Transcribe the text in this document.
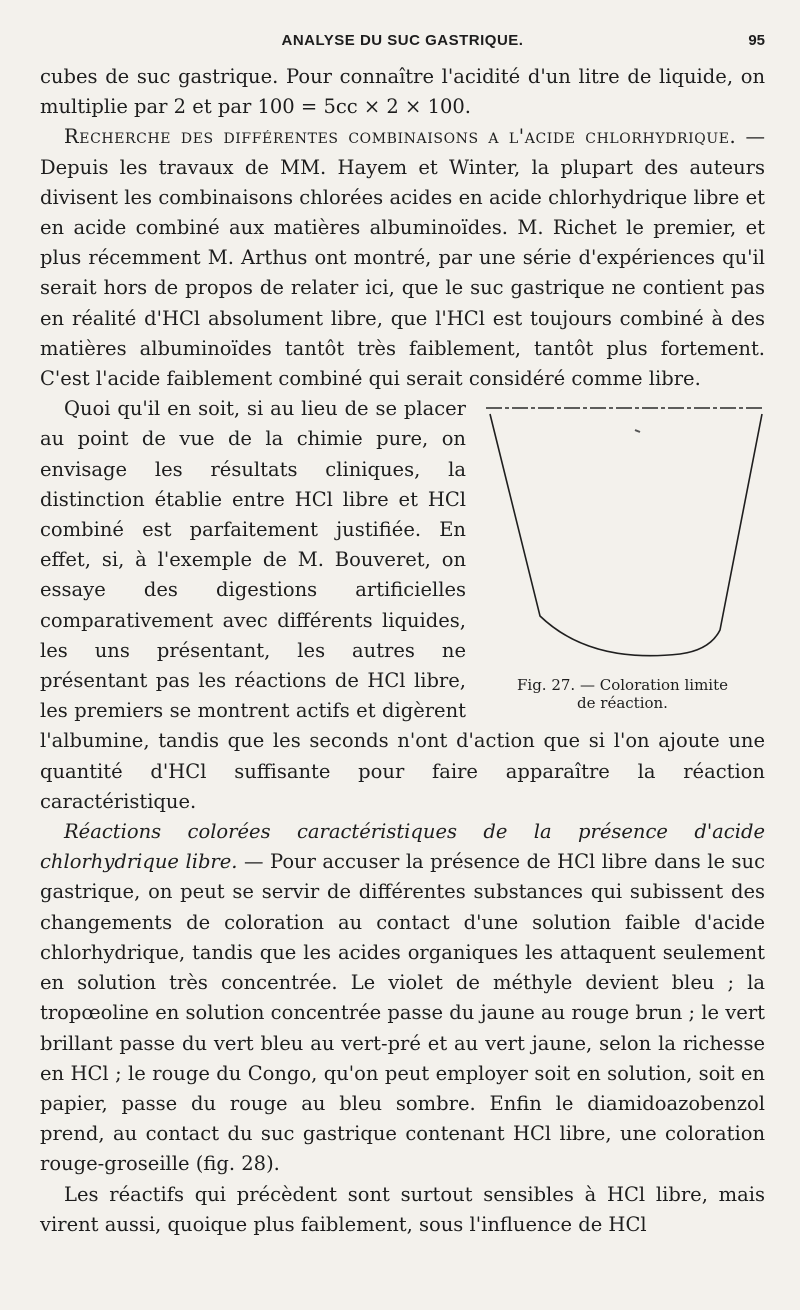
ANALYSE DU SUC GASTRIQUE.	95

cubes de suc gastrique. Pour connaître l'acidité d'un litre de liquide, on multiplie par 2 et par 100 = 5cc × 2 × 100.

Recherche des différentes combinaisons a l'acide chlorhydrique. — Depuis les travaux de MM. Hayem et Winter, la plupart des auteurs divisent les combinaisons chlorées acides en acide chlorhydrique libre et en acide combiné aux matières albuminoïdes. M. Richet le premier, et plus récemment M. Arthus ont montré, par une série d'expériences qu'il serait hors de propos de relater ici, que le suc gastrique ne contient pas en réalité d'HCl absolument libre, que l'HCl est toujours combiné à des matières albuminoïdes tantôt très faiblement, tantôt plus fortement. C'est l'acide faiblement combiné qui serait considéré comme libre.

Fig. 27. — Coloration limite
de réaction.

Quoi qu'il en soit, si au lieu de se placer au point de vue de la chimie pure, on envisage les résultats cliniques, la distinction établie entre HCl libre et HCl combiné est parfaitement justifiée. En effet, si, à l'exemple de M. Bouveret, on essaye des digestions artificielles comparativement avec différents liquides, les uns présentant, les autres ne présentant pas les réactions de HCl libre, les premiers se montrent actifs et digèrent l'albumine, tandis que les seconds n'ont d'action que si l'on ajoute une quantité d'HCl suffisante pour faire apparaître la réaction caractéristique.

Réactions colorées caractéristiques de la présence d'acide chlorhydrique libre. — Pour accuser la présence de HCl libre dans le suc gastrique, on peut se servir de différentes substances qui subissent des changements de coloration au contact d'une solution faible d'acide chlorhydrique, tandis que les acides organiques les attaquent seulement en solution très concentrée. Le violet de méthyle devient bleu ; la tropœoline en solution concentrée passe du jaune au rouge brun ; le vert brillant passe du vert bleu au vert-pré et au vert jaune, selon la richesse en HCl ; le rouge du Congo, qu'on peut employer soit en solution, soit en papier, passe du rouge au bleu sombre. Enfin le diamidoazobenzol prend, au contact du suc gastrique contenant HCl libre, une coloration rouge-groseille (fig. 28).

Les réactifs qui précèdent sont surtout sensibles à HCl libre, mais virent aussi, quoique plus faiblement, sous l'influence de HCl
